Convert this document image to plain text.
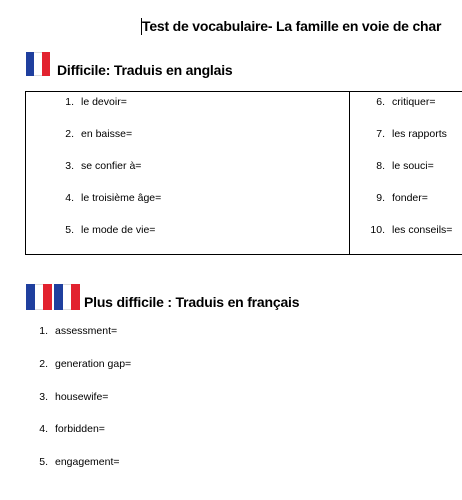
Test de vocabulaire- La famille en voie de char
Difficile: Traduis en anglais
1. le devoir=
2. en baisse=
3. se confier à=
4. le troisième âge=
5. le mode de vie=
6. critiquer=
7. les rapports
8. le souci=
9. fonder=
10. les conseils=
Plus difficile : Traduis en français
1. assessment=
2. generation gap=
3. housewife=
4. forbidden=
5. engagement=
